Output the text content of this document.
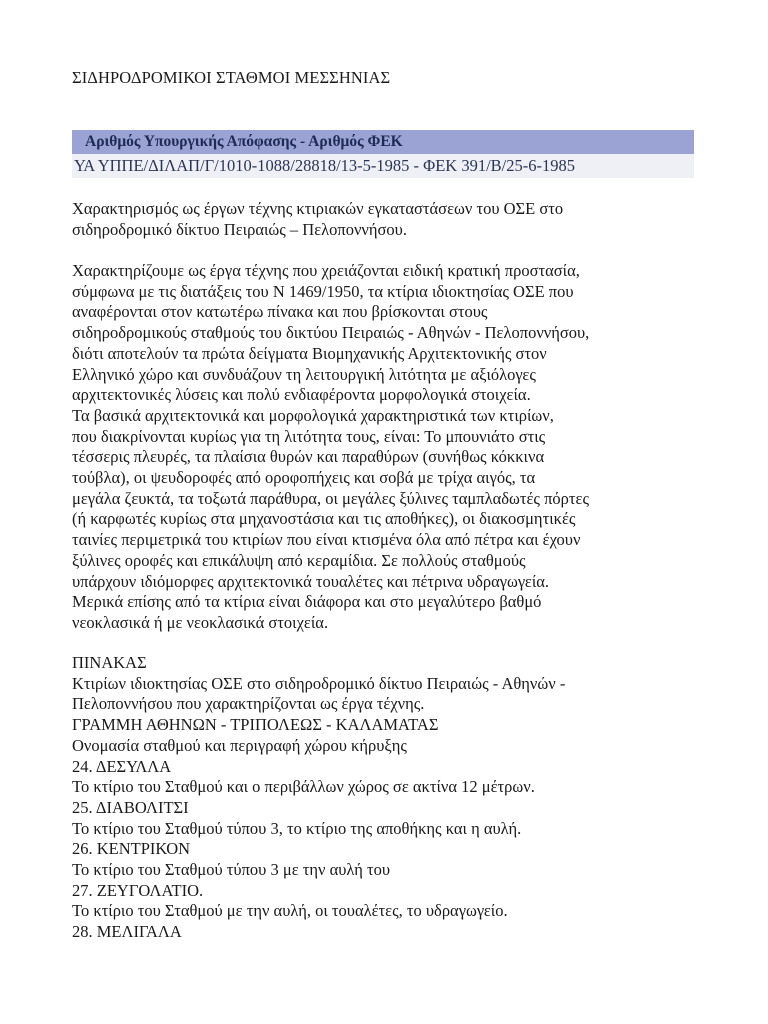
ΣΙΔΗΡΟΔΡΟΜΙΚΟΙ ΣΤΑΘΜΟΙ ΜΕΣΣΗΝΙΑΣ
Αριθμός Υπουργικής Απόφασης - Αριθμός ΦΕΚ
ΥΑ ΥΠΠΕ/ΔΙΛΑΠ/Γ/1010-1088/28818/13-5-1985 - ΦΕΚ 391/Β/25-6-1985
Χαρακτηρισμός ως έργων τέχνης κτιριακών εγκαταστάσεων του ΟΣΕ στο
σιδηροδρομικό δίκτυο Πειραιώς – Πελοποννήσου.
Χαρακτηρίζουμε ως έργα τέχνης που χρειάζονται ειδική κρατική προστασία,
σύμφωνα με τις διατάξεις του Ν 1469/1950, τα κτίρια ιδιοκτησίας ΟΣΕ που
αναφέρονται στον κατωτέρω πίνακα και που βρίσκονται στους
σιδηροδρομικούς σταθμούς του δικτύου Πειραιώς - Αθηνών - Πελοποννήσου,
διότι αποτελούν τα πρώτα δείγματα Βιομηχανικής Αρχιτεκτονικής στον
Ελληνικό χώρο και συνδυάζουν τη λειτουργική λιτότητα με αξιόλογες
αρχιτεκτονικές λύσεις και πολύ ενδιαφέροντα μορφολογικά στοιχεία.
Τα βασικά αρχιτεκτονικά και μορφολογικά χαρακτηριστικά των κτιρίων,
που διακρίνονται κυρίως για τη λιτότητα τους, είναι: Το μπουνιάτο στις
τέσσερις πλευρές, τα πλαίσια θυρών και παραθύρων (συνήθως κόκκινα
τούβλα), οι ψευδοροφές από οροφοπήχεις και σοβά με τρίχα αιγός, τα
μεγάλα ζευκτά, τα τοξωτά παράθυρα, οι μεγάλες ξύλινες ταμπλαδωτές πόρτες
(ή καρφωτές κυρίως στα μηχανοστάσια και τις αποθήκες), οι διακοσμητικές
ταινίες περιμετρικά του κτιρίων που είναι κτισμένα όλα από πέτρα και έχουν
ξύλινες οροφές και επικάλυψη από κεραμίδια. Σε πολλούς σταθμούς
υπάρχουν ιδιόμορφες αρχιτεκτονικά τουαλέτες και πέτρινα υδραγωγεία.
Μερικά επίσης από τα κτίρια είναι διάφορα και στο μεγαλύτερο βαθμό
νεοκλασικά ή με νεοκλασικά στοιχεία.
ΠΙΝΑΚΑΣ
Κτιρίων ιδιοκτησίας ΟΣΕ στο σιδηροδρομικό δίκτυο Πειραιώς - Αθηνών -
Πελοποννήσου που χαρακτηρίζονται ως έργα τέχνης.
ΓΡΑΜΜΗ ΑΘΗΝΩΝ - ΤΡΙΠΟΛΕΩΣ - ΚΑΛΑΜΑΤΑΣ
Ονομασία σταθμού και περιγραφή χώρου κήρυξης
24. ΔΕΣΥΛΛΑ
Το κτίριο του Σταθμού και ο περιβάλλων χώρος σε ακτίνα 12 μέτρων.
25. ΔΙΑΒΟΛΙΤΣΙ
Το κτίριο του Σταθμού τύπου 3, το κτίριο της αποθήκης και η αυλή.
26. ΚΕΝΤΡΙΚΟΝ
Το κτίριο του Σταθμού τύπου 3 με την αυλή του
27. ΖΕΥΓΟΛΑΤΙΟ.
Το κτίριο του Σταθμού με την αυλή, οι τουαλέτες, το υδραγωγείο.
28. ΜΕΛΙΓΑΛΑ
